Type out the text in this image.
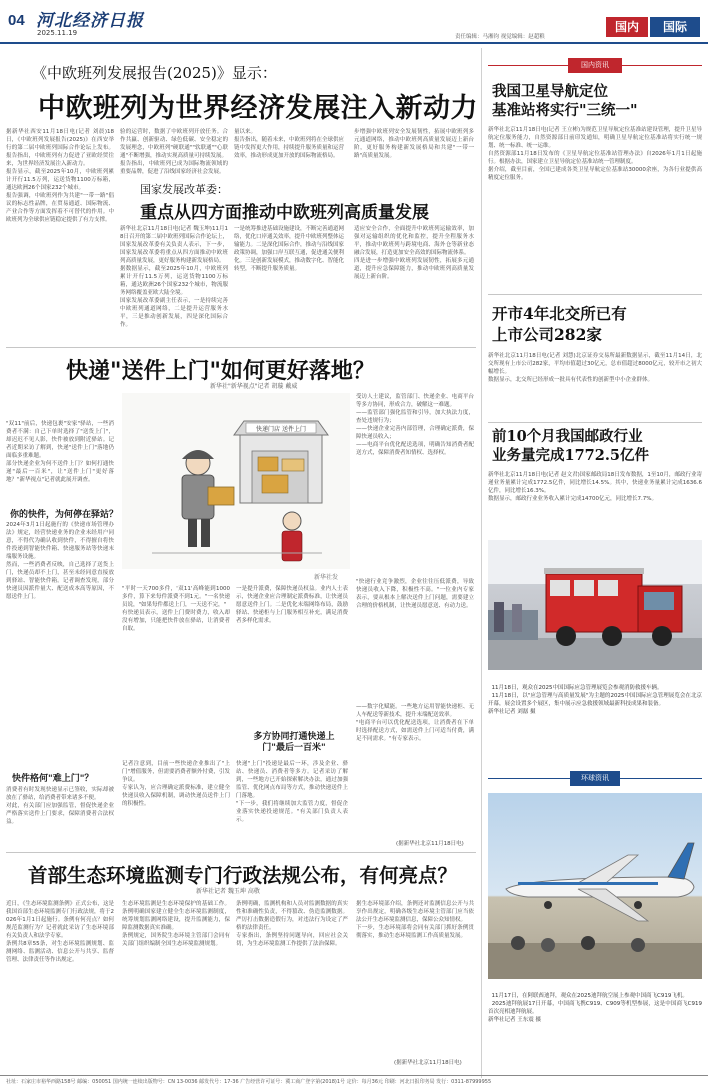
04 河北经济日报
2025.11.19	责任编辑：马湘钧 视觉编辑：赵超粮
国内	国际
《中欧班列发展报告(2025)》显示：
中欧班列为世界经济发展注入新动力
据新华社西安11月18日电(记者 刘晨)18日，《中欧班列发展报告(2025)》在西安举行的第二届中欧班列国际合作论坛上发布。报告指出，中欧班列有力促进了亚欧经贸往来，为世界经济发展注入新动力。
报告显示，截至2025年10月，中欧班列累计开行11.5万列，运送货物1100万标箱，通达欧洲26个国家232个城市。
报告强调，中欧班列作为共建"一带一路"倡议的标志性品牌，在贸易通道、国际物流、产业合作等方面发挥着不可替代的作用。中欧班列为全球供应链稳定提供了有力支撑。
验的运营时，数据了中欧班列开放任务。合作共赢、创新驱动、绿色低碳、安全稳定的发展理念，中欧班列"硬联通""软联通""心联通"不断增强，推动实现高质量可持续发展。
报告指出，中欧班列已成为国际物流领域的重要品牌，促进了沿线国家经济社会发展。
量以来。
报告指出，随着未来，中欧班列将在全球供应链中发挥更大作用，持续提升服务质量和运营效率，推动形成更加开放的国际物流格局。
步增强中欧班列安全发展韧性，拓展中欧班列多元通道网络，推动中欧班列高质量发展迈上新台阶，更好服务构建新发展格局和共建"一带一路"高质量发展。
国家发展改革委：
重点从四方面推动中欧班列高质量发展
新华社北京11月18日电(记者 魏玉坤)11月18日召开的第二届中欧班列国际合作论坛上，国家发展改革委有关负责人表示，下一步，国家发展改革委将重点从四方面推动中欧班列高质量发展，更好服务构建新发展格局。
据数据显示，截至2025年10月，中欧班列累计开行11.5万列，运送货物1100万标箱，通达欧洲26个国家232个城市，物流服务网络覆盖亚欧大陆全境。
国家发展改革委副主任表示，一是持续完善中欧班列通道网络，二是提升运营服务水平，三是推动创新发展，四是深化国际合作。
一是统筹推进基础设施建设，不断完善通道网络，优化口岸通关效率，提升中欧班列整体运输能力。二是深化国际合作，推动与沿线国家政策协调，加强口岸互联互通，促进通关便利化。三是创新发展模式，推动数字化、智能化转型，不断提升服务质量。
适应安全合作，全面提升中欧班列运输效率，加强对运输组织的优化和监控，提升全程服务水平，推动中欧班列与跨境电商、海外仓等新业态融合发展，打造更加安全高效的国际物流体系。
四是进一步增强中欧班列发展韧性，拓展多元通道，提升应急保障能力，推动中欧班列高质量发展迈上新台阶。
快递"送件上门"如何更好落地？
新华社"新华视点"记者 胡璇 戴威
"双11"前后，快递包裹"安家"驿站，一些消费者不满：自己下单时选择了"送货上门"，却迟迟不见人影，快件被放到附近驿站。记者近期采访了解到，快递"送件上门"落地仍面临多重难题。
部分快递企业为何不送件上门？如何打通快递"最后一百米"，让"送件上门"更好落地？"新华视点"记者就此展开调查。
你的快件，为何停在驿站？
2024年3月1日起施行的《快递市场管理办法》规定，经营快递业务的企业未经用户同意，不得代为确认收到快件，不得擅自将快件投递到智能快件箱、快递服务站等快递末端服务设施。
然而，一些消费者反映，自己选择了送货上门，快递员却不上门，甚至未经同意直接放到驿站、智能快件箱。记者调查发现，部分快递员因派件量大、配送成本高等原因，不愿送件上门。
快件格何"难上门"？
消费者有时发现快递显示已签收，实际却被放在了驿站，给消费者带来诸多不便。
对此，有关部门应加强监管，督促快递企业严格落实送件上门要求，保障消费者合法权益。
快递门店 送件上门
新华社发
"平时一天700多件，'双11'高峰能到1000多件，算下来每件派费不到1元。"一名快递员说，"如果每件都送上门，一天送不完，"
有快递员表示，送件上门费时费力，收入却没有增加，只能把快件放在驿站，让消费者自取。
记者注意到，目前一些快递企业推出了"上门"增值服务，但需要消费者额外付费，引发争议。
专家认为，应合理确定派费标准，建立健全快递员收入保障机制，调动快递员送件上门的积极性。
一是提升派费，保障快递员权益。业内人士表示，快递企业应合理制定派费标准，让快递员愿意送件上门。二是优化末端网络布局，鼓励驿站、快递柜与上门服务相互补充，满足消费者多样化需求。
多方协同打通快递上门"最后一百米"
快递"上门"投递是最后一环，涉及企业、驿站、快递员、消费者等多方。记者采访了解到，一些地方已开始探索解决办法，通过加强监管、优化网点布局等方式，推动快递送件上门落地。
"下一步，我们将继续加大监管力度，督促企业落实快递投递规范。"有关部门负责人表示。
受访人士建议，监管部门、快递企业、电商平台等多方协同，形成合力，破解这一难题。
——监管部门强化监管和引导，加大执法力度，查处违规行为；
——快递企业完善内部管理，合理确定派费，保障快递员收入；
——电商平台优化配送选项，明确告知消费者配送方式，保障消费者知情权、选择权。
"快递行业竞争激烈，企业往往压低派费，导致快递员收入下降，积极性不高。"一位业内专家表示，要从根本上解决送件上门问题，需要建立合理的价格机制，让快递员愿意送、有动力送。
——数字化赋能。一些地方运用智能快递柜、无人车配送等新技术，提升末端配送效率。
"电商平台可以优化配送选项，让消费者在下单时选择配送方式，如需送件上门可适当付费，满足不同需求。"有专家表示。
(据新华社北京11月18日电)
首部生态环境监测专门行政法规公布，有何亮点？
新华社记者 魏玉坤 高敬
近日，《生态环境监测条例》正式公布，这是我国首部生态环境监测专门行政法规，将于2026年1月1日起施行。条例有何亮点？如何规范监测行为？记者就此采访了生态环境部有关负责人和法学专家。
条例共8章55条，对生态环境监测规划、监测网络、监测活动、信息公开与共享、监督管理、法律责任等作出规定。
生态环境监测是生态环境保护的基础工作。条例明确国家建立健全生态环境监测制度，统筹规划监测网络建设，提升监测能力，保障监测数据真实准确。
条例规定，国务院生态环境主管部门会同有关部门组织编制全国生态环境监测规划。
条例明确，监测机构和人员对监测数据的真实性和准确性负责，不得篡改、伪造监测数据。严厉打击数据造假行为，对违法行为设定了严格的法律责任。
专家指出，条例坚持问题导向，回应社会关切，为生态环境监测工作提供了法治保障。
据生态环境部介绍，条例还对监测信息公开与共享作出规定，明确各级生态环境主管部门应当依法公开生态环境监测信息，保障公众知情权。
下一步，生态环境部将会同有关部门抓好条例贯彻落实，推动生态环境监测工作高质量发展。
(据新华社北京11月18日电)
国内资讯
我国卫星导航定位
基准站将实行"三统一"
新华社北京11月18日电(记者 王立彬)为规范卫星导航定位基准站建设管理，提升卫星导航定位服务能力，自然资源部日前印发通知，明确卫星导航定位基准站将实行统一规划、统一标准、统一运维。
自然资源部11月18日发布的《卫星导航定位基准站管理办法》自2026年1月1日起施行。根据办法，国家建立卫星导航定位基准站统一管理制度。
据介绍，截至目前，全国已建成各类卫星导航定位基准站30000余座，为各行业提供高精度定位服务。
开市4年北交所已有
上市公司282家
新华社北京11月18日电(记者 刘慧)北京证券交易所最新数据显示，截至11月14日，北交所现有上市公司282家，平均市值超过30亿元，总市值超过8000亿元，较开市之初大幅增长。
数据显示，北交所已经形成一批具有代表性的创新型中小企业群体。
前10个月我国邮政行业
业务量完成1772.5亿件
新华社北京11月18日电(记者 赵文君)国家邮政局18日发布数据，1至10月，邮政行业寄递业务量累计完成1772.5亿件，同比增长14.5%。其中，快递业务量累计完成1636.6亿件，同比增长16.3%。
数据显示，邮政行业业务收入累计完成14700亿元，同比增长7.7%。

11月18日，观众在2025中国国际应急管理展览会参观消防救援车辆。
11月18日，以"应急管理与高质量发展"为主题的2025中国国际应急管理展览会在北京开幕，展会设置多个展区，集中展示应急救援领域最新科技成果和装备。
新华社记者 刘潺 摄

环球资讯

11月17日，在阿联酋迪拜，观众在2025迪拜航空展上参观中国商飞C919飞机。
2025迪拜航展17日开幕，中国商飞携C919、C909等机型参展，这是中国商飞C919首次亮相迪拜航展。
新华社记者 王东震 摄

社址：石家庄市裕华西路158号 邮编：050051 国内统一连续出版物号：CN 13-0036 邮发代号：17-36 广告经营许可证号：冀工商广登字第(2018)1号 定价：每月36元 印刷：河北日报印务局 发行：0311-87999955
